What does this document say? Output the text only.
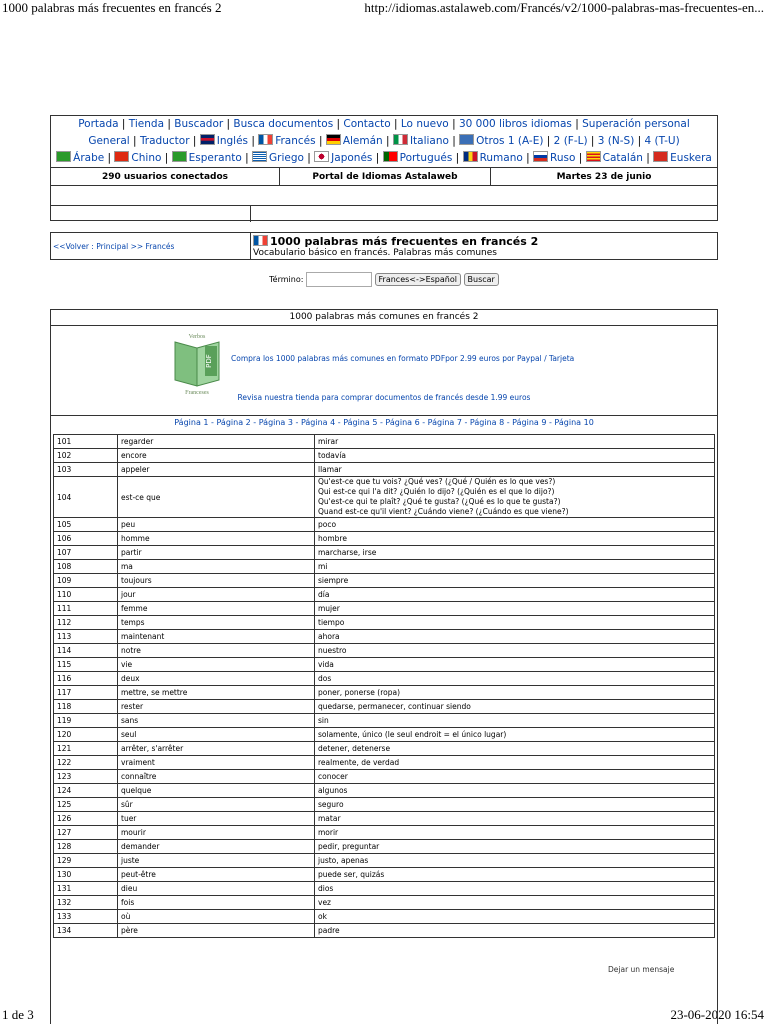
1000 palabras más frecuentes en francés 2	http://idiomas.astalaweb.com/Francés/v2/1000-palabras-mas-frecuentes-en...
1 de 3	23-06-2020 16:54
Portada | Tienda | Buscador | Busca documentos | Contacto | Lo nuevo | 30 000 libros idiomas | Superación personal
General | Traductor | Inglés | Francés | Alemán | Italiano | Otros 1 (A-E) | 2 (F-L) | 3 (N-S) | 4 (T-U)
Árabe | Chino | Esperanto | Griego | Japonés | Portugués | Rumano | Ruso | Catalán | Euskera
290 usuarios conectados	Portal de Idiomas Astalaweb	Martes 23 de junio
<<Volver : Principal >> Francés	1000 palabras más frecuentes en francés 2
Vocabulario básico en francés. Palabras más comunes
Término:	Frances<->Español Buscar
1000 palabras más comunes en francés 2
Verbos
PDF
Franceses
Compra los 1000 palabras más comunes en formato PDFpor 2.99 euros por Paypal / Tarjeta
Revisa nuestra tienda para comprar documentos de francés desde 1.99 euros
Página 1 - Página 2 - Página 3 - Página 4 - Página 5 - Página 6 - Página 7 - Página 8 - Página 9 - Página 10
101	regarder	mirar
102	encore	todavía
103	appeler	llamar
104	est-ce que	Qu'est-ce que tu vois? ¿Qué ves? (¿Qué / Quién es lo que ves?)
Qui est-ce qui l'a dit? ¿Quién lo dijo? (¿Quién es el que lo dijo?)
Qu'est-ce qui te plaît? ¿Qué te gusta? (¿Qué es lo que te gusta?)
Quand est-ce qu'il vient? ¿Cuándo viene? (¿Cuándo es que viene?)

105	peu	poco
106	homme	hombre
107	partir	marcharse, irse
108	ma	mi
109	toujours	siempre
110	jour	día
111	femme	mujer
112	temps	tiempo
113	maintenant	ahora
114	notre	nuestro
115	vie	vida
116	deux	dos
117	mettre, se mettre	poner, ponerse (ropa)
118	rester	quedarse, permanecer, continuar siendo
119	sans	sin
120	seul	solamente, único (le seul endroit = el único lugar)
121	arrêter, s'arrêter	detener, detenerse
122	vraiment	realmente, de verdad
123	connaître	conocer
124	quelque	algunos
125	sûr	seguro
126	tuer	matar
127	mourir	morir
128	demander	pedir, preguntar
129	juste	justo, apenas
130	peut-être	puede ser, quizás
131	dieu	dios
132	fois	vez
133	où	ok
134	père	padre
Dejar un mensaje
